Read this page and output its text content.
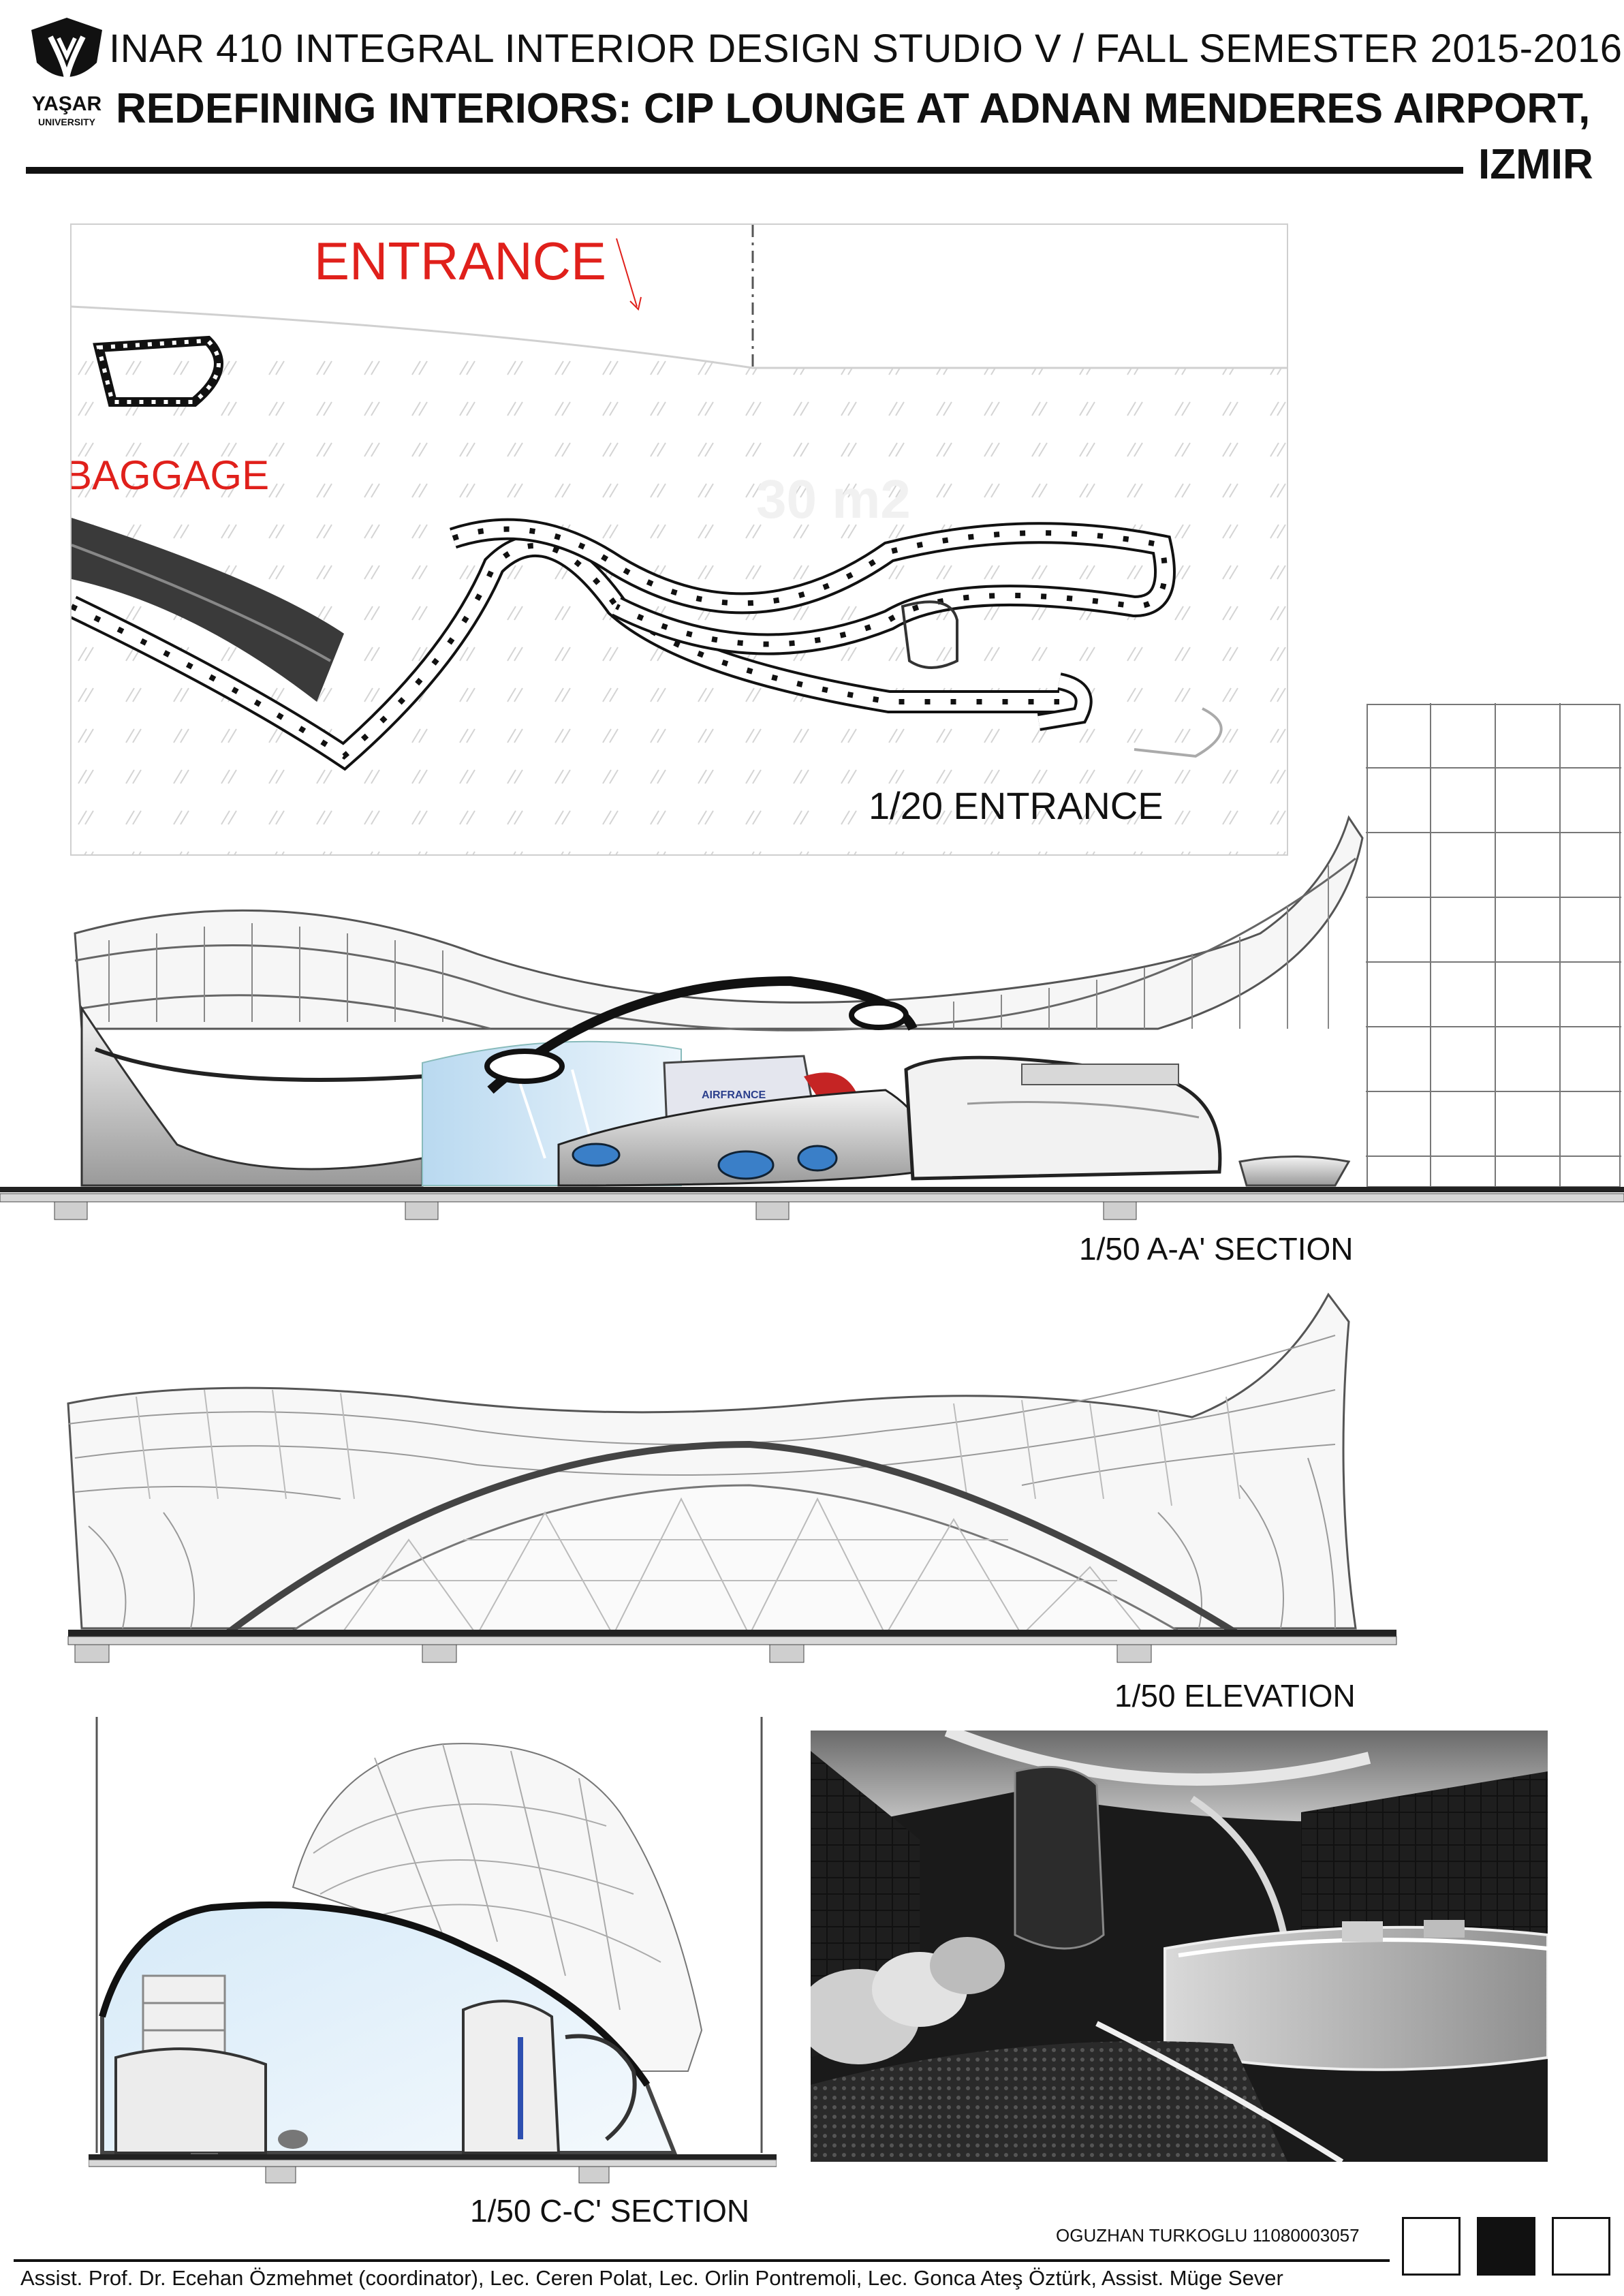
YAŞAR
UNIVERSITY
INAR 410 INTEGRAL INTERIOR DESIGN STUDIO V / FALL SEMESTER 2015-2016
REDEFINING INTERIORS: CIP LOUNGE AT ADNAN MENDERES AIRPORT,
IZMIR
ENTRANCE
BAGGAGE	30 m2
1/20 ENTRANCE
AIRFRANCE
1/50 A-A' SECTION
1/50 ELEVATION
1/50 C-C' SECTION
OGUZHAN TURKOGLU 11080003057
Assist. Prof. Dr. Ecehan Özmehmet (coordinator), Lec. Ceren Polat, Lec. Orlin Pontremoli, Lec. Gonca Ateş Öztürk, Assist. Müge Sever
